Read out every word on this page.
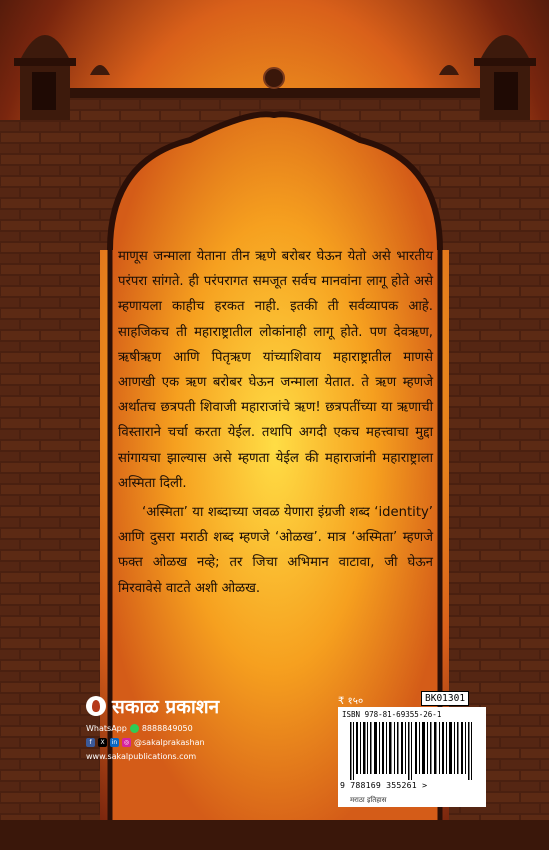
माणूस जन्माला येताना तीन ऋणे बरोबर घेऊन येतो असे भारतीय परंपरा सांगते. ही परंपरागत समजूत सर्वच मानवांना लागू होते असे म्हणायला काहीच हरकत नाही. इतकी ती सर्वव्यापक आहे. साहजिकच ती महाराष्ट्रातील लोकांनाही लागू होते. पण देवऋण, ऋषीऋण आणि पितृऋण यांच्याशिवाय महाराष्ट्रातील माणसे आणखी एक ऋण बरोबर घेऊन जन्माला येतात. ते ऋण म्हणजे अर्थातच छत्रपती शिवाजी महाराजांचे ऋण! छत्रपतींच्या या ऋणाची विस्ताराने चर्चा करता येईल. तथापि अगदी एकच महत्त्वाचा मुद्दा सांगायचा झाल्यास असे म्हणता येईल की महाराजांनी महाराष्ट्राला अस्मिता दिली.

‘अस्मिता’ या शब्दाच्या जवळ येणारा इंग्रजी शब्द ‘identity’ आणि दुसरा मराठी शब्द म्हणजे ‘ओळख’. मात्र ‘अस्मिता’ म्हणजे फक्त ओळख नव्हे; तर जिचा अभिमान वाटावा, जी घेऊन मिरवावेसे वाटते अशी ओळख.

सकाळ प्रकाशन
WhatsApp 8888849050
f	X	in	◎ @sakalprakashan
www.sakalpublications.com
₹ १५०	BK01301
ISBN 978-81-69355-26-1
9 788169 355261 >
मराठा इतिहास
